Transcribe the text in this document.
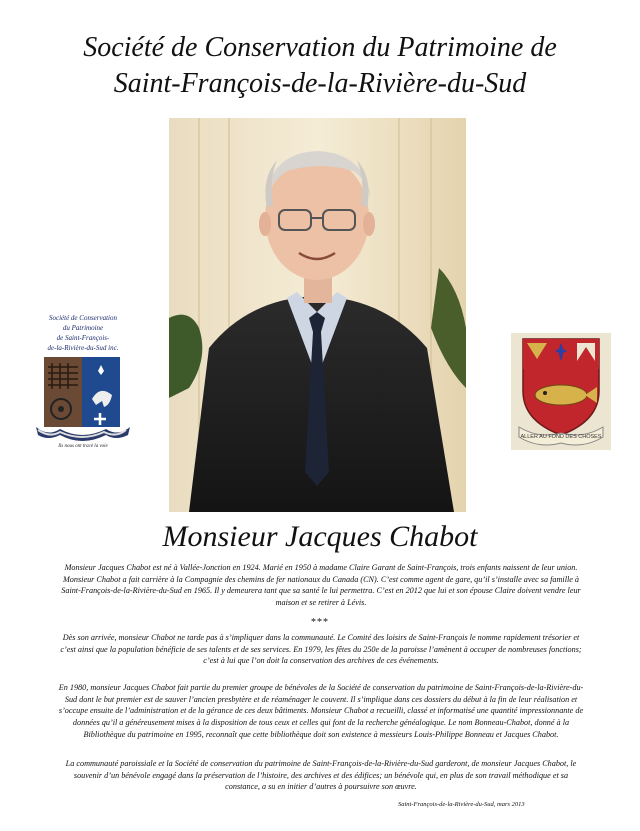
Société de Conservation du Patrimoine de
Saint-François-de-la-Rivière-du-Sud
Société de Conservation
du Patrimoine
de Saint-François-
de-la-Rivière-du-Sud inc.
Ils nous ont tracé la voie
ALLER AU FOND DES CHOSES
Monsieur Jacques Chabot

Monsieur Jacques Chabot est né à Vallée-Jonction en 1924. Marié en 1950 à madame Claire Garant de Saint-François, trois enfants naissent de leur union. Monsieur Chabot a fait carrière à la Compagnie des chemins de fer nationaux du Canada (CN). C’est comme agent de gare, qu’il s’installe avec sa famille à Saint-François-de-la-Rivière-du-Sud en 1965. Il y demeurera tant que sa santé le lui permettra. C’est en 2012 que lui et son épouse Claire doivent vendre leur maison et se retirer à Lévis.

***

Dès son arrivée, monsieur Chabot ne tarde pas à s’impliquer dans la communauté. Le Comité des loisirs de Saint-François le nomme rapidement trésorier et c’est ainsi que la population bénéficie de ses talents et de ses services. En 1979, les fêtes du 250e de la paroisse l’amènent à occuper de nombreuses fonctions; c’est à lui que l’on doit la conservation des archives de ces événements.

En 1980, monsieur Jacques Chabot fait partie du premier groupe de bénévoles de la Société de conservation du patrimoine de Saint-François-de-la-Rivière-du-Sud dont le but premier est de sauver l’ancien presbytère et de réaménager le couvent. Il s’implique dans ces dossiers du début à la fin de leur réalisation et s’occupe ensuite de l’administration et de la gérance de ces deux bâtiments. Monsieur Chabot a recueilli, classé et informatisé une quantité impressionnante de données qu’il a généreusement mises à la disposition de tous ceux et celles qui font de la recherche généalogique. Le nom Bonneau-Chabot, donné à la Bibliothèque du patrimoine en 1995, reconnaît que cette bibliothèque doit son existence à messieurs Louis-Philippe Bonneau et Jacques Chabot.

La communauté paroissiale et la Société de conservation du patrimoine de Saint-François-de-la-Rivière-du-Sud garderont, de monsieur Jacques Chabot, le souvenir d’un bénévole engagé dans la préservation de l’histoire, des archives et des édifices; un bénévole qui, en plus de son travail méthodique et sa constance, a su en initier d’autres à poursuivre son œuvre.

Saint-François-de-la-Rivière-du-Sud, mars 2013
